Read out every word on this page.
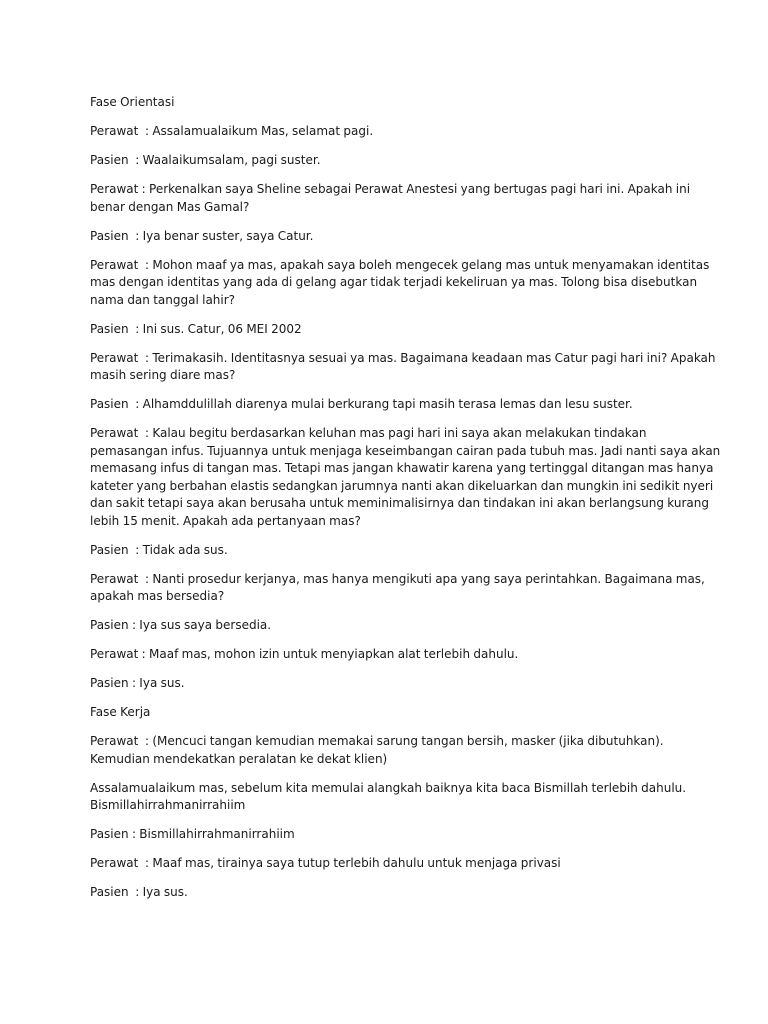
Fase Orientasi
Perawat  : Assalamualaikum Mas, selamat pagi.
Pasien  : Waalaikumsalam, pagi suster.
Perawat : Perkenalkan saya Sheline sebagai Perawat Anestesi yang bertugas pagi hari ini. Apakah ini
benar dengan Mas Gamal?
Pasien  : Iya benar suster, saya Catur.
Perawat  : Mohon maaf ya mas, apakah saya boleh mengecek gelang mas untuk menyamakan identitas
mas dengan identitas yang ada di gelang agar tidak terjadi kekeliruan ya mas. Tolong bisa disebutkan
nama dan tanggal lahir?
Pasien  : Ini sus. Catur, 06 MEI 2002
Perawat  : Terimakasih. Identitasnya sesuai ya mas. Bagaimana keadaan mas Catur pagi hari ini? Apakah
masih sering diare mas?
Pasien  : Alhamddulillah diarenya mulai berkurang tapi masih terasa lemas dan lesu suster.
Perawat  : Kalau begitu berdasarkan keluhan mas pagi hari ini saya akan melakukan tindakan
pemasangan infus. Tujuannya untuk menjaga keseimbangan cairan pada tubuh mas. Jadi nanti saya akan
memasang infus di tangan mas. Tetapi mas jangan khawatir karena yang tertinggal ditangan mas hanya
kateter yang berbahan elastis sedangkan jarumnya nanti akan dikeluarkan dan mungkin ini sedikit nyeri
dan sakit tetapi saya akan berusaha untuk meminimalisirnya dan tindakan ini akan berlangsung kurang
lebih 15 menit. Apakah ada pertanyaan mas?
Pasien  : Tidak ada sus.
Perawat  : Nanti prosedur kerjanya, mas hanya mengikuti apa yang saya perintahkan. Bagaimana mas,
apakah mas bersedia?
Pasien : Iya sus saya bersedia.
Perawat : Maaf mas, mohon izin untuk menyiapkan alat terlebih dahulu.
Pasien : Iya sus.
Fase Kerja
Perawat  : (Mencuci tangan kemudian memakai sarung tangan bersih, masker (jika dibutuhkan).
Kemudian mendekatkan peralatan ke dekat klien)
Assalamualaikum mas, sebelum kita memulai alangkah baiknya kita baca Bismillah terlebih dahulu.
Bismillahirrahmanirrahiim
Pasien : Bismillahirrahmanirrahiim
Perawat  : Maaf mas, tirainya saya tutup terlebih dahulu untuk menjaga privasi
Pasien  : Iya sus.
